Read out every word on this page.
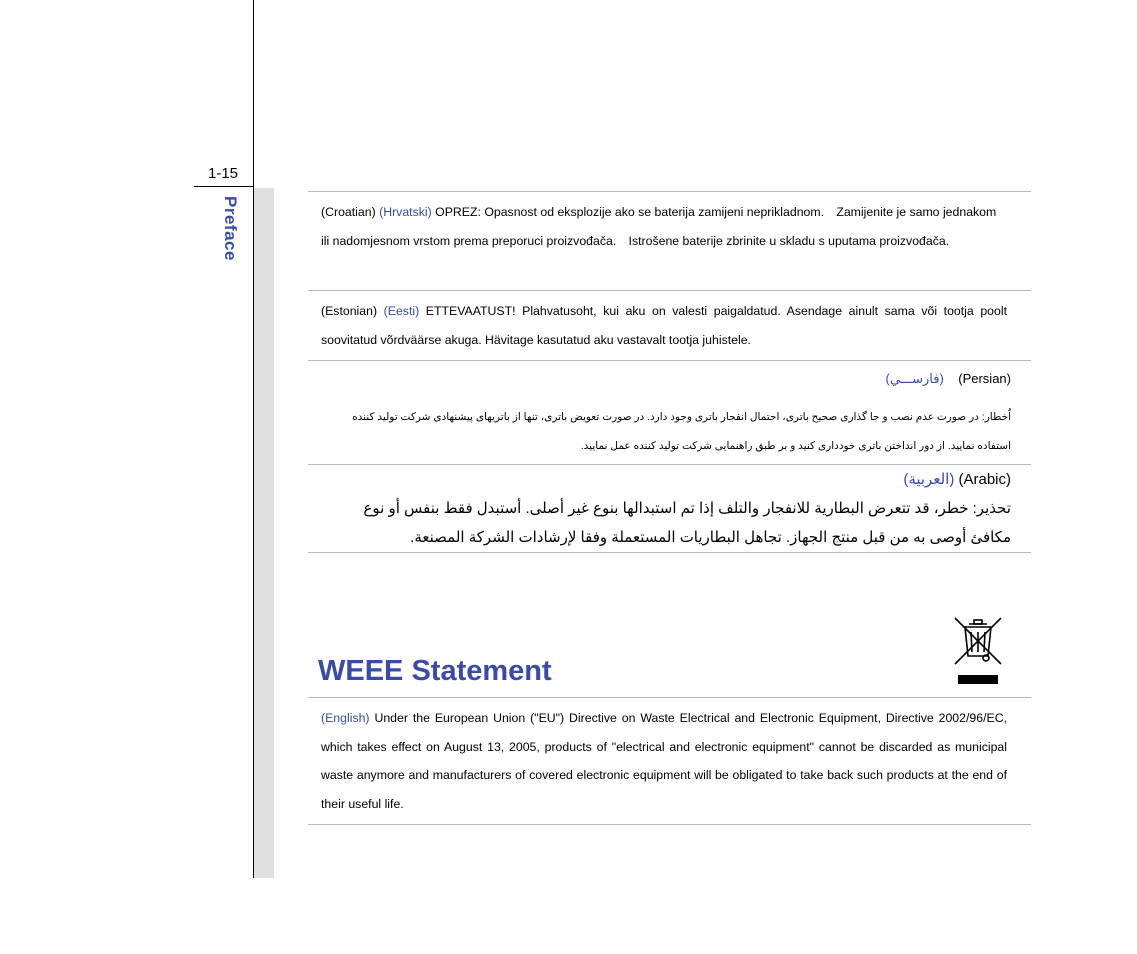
1-15
Preface	(Croatian) (Hrvatski) OPREZ: Opasnost od eksplozije ako se baterija zamijeni neprikladnom.　Zamijenite je samo jednakom ili nadomjesnom vrstom prema preporuci proizvođača.　Istrošene baterije zbrinite u skladu s uputama proizvođača.
(Estonian) (Eesti) ETTEVAATUST! Plahvatusoht, kui aku on valesti paigaldatud. Asendage ainult sama või tootja poolt soovitatud võrdväärse akuga. Hävitage kasutatud aku vastavalt tootja juhistele.
(فارســـي) (Persian)
اُخطار: در صورت عدم نصب و جا گذاری صحیح باتری، احتمال انفجار باتری وجود دارد. در صورت تعویض باتری، تنها از باتریهای پیشنهادی شرکت تولید کننده استفاده نمایید. از دور انداختن باتری خودداری کنید و بر طبق راهنمایی شرکت تولید کننده عمل نمایید.
(العربية) (Arabic)
تحذير: خطر، قد تتعرض البطارية للانفجار والتلف إذا تم استبدالها بنوع غير أصلى. أستبدل فقط بنفس أو نوع مكافئ أوصى به من قبل منتج الجهاز. تجاهل البطاريات المستعملة وفقا لإرشادات الشركة المصنعة.
WEEE Statement
(English) Under the European Union ("EU") Directive on Waste Electrical and Electronic Equipment, Directive 2002/96/EC, which takes effect on August 13, 2005, products of "electrical and electronic equipment" cannot be discarded as municipal waste anymore and manufacturers of covered electronic equipment will be obligated to take back such products at the end of their useful life.
